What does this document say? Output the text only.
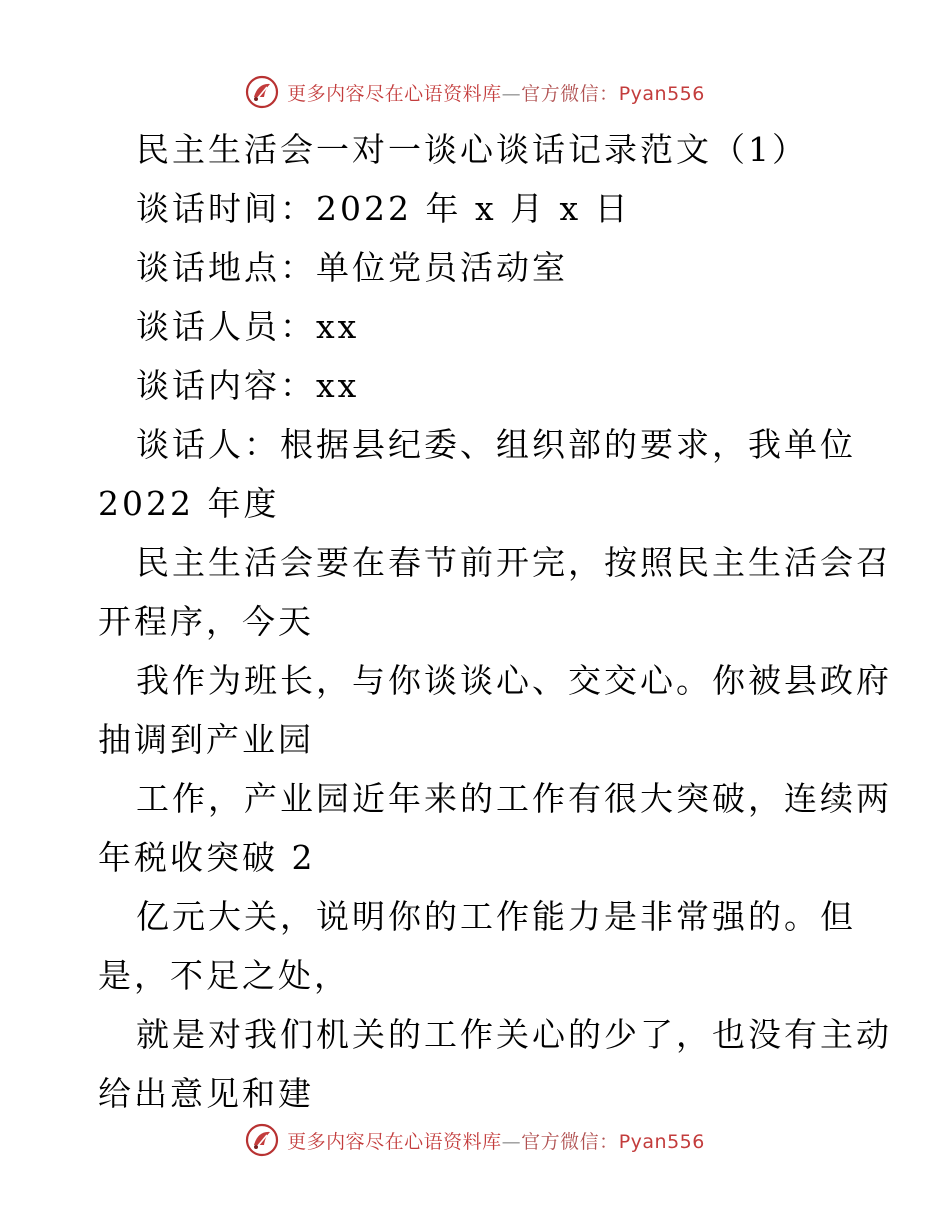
更多内容尽在心语资料库—官方微信：Pyan556
民主生活会一对一谈心谈话记录范文（1）
谈话时间：2022 年 x 月 x 日
谈话地点：单位党员活动室
谈话人员：xx
谈话内容：xx
谈话人：根据县纪委、组织部的要求，我单位
2022 年度
民主生活会要在春节前开完，按照民主生活会召
开程序，今天
我作为班长，与你谈谈心、交交心。你被县政府
抽调到产业园
工作，产业园近年来的工作有很大突破，连续两
年税收突破 2
亿元大关，说明你的工作能力是非常强的。但
是，不足之处，
就是对我们机关的工作关心的少了，也没有主动
给出意见和建
更多内容尽在心语资料库—官方微信：Pyan556
